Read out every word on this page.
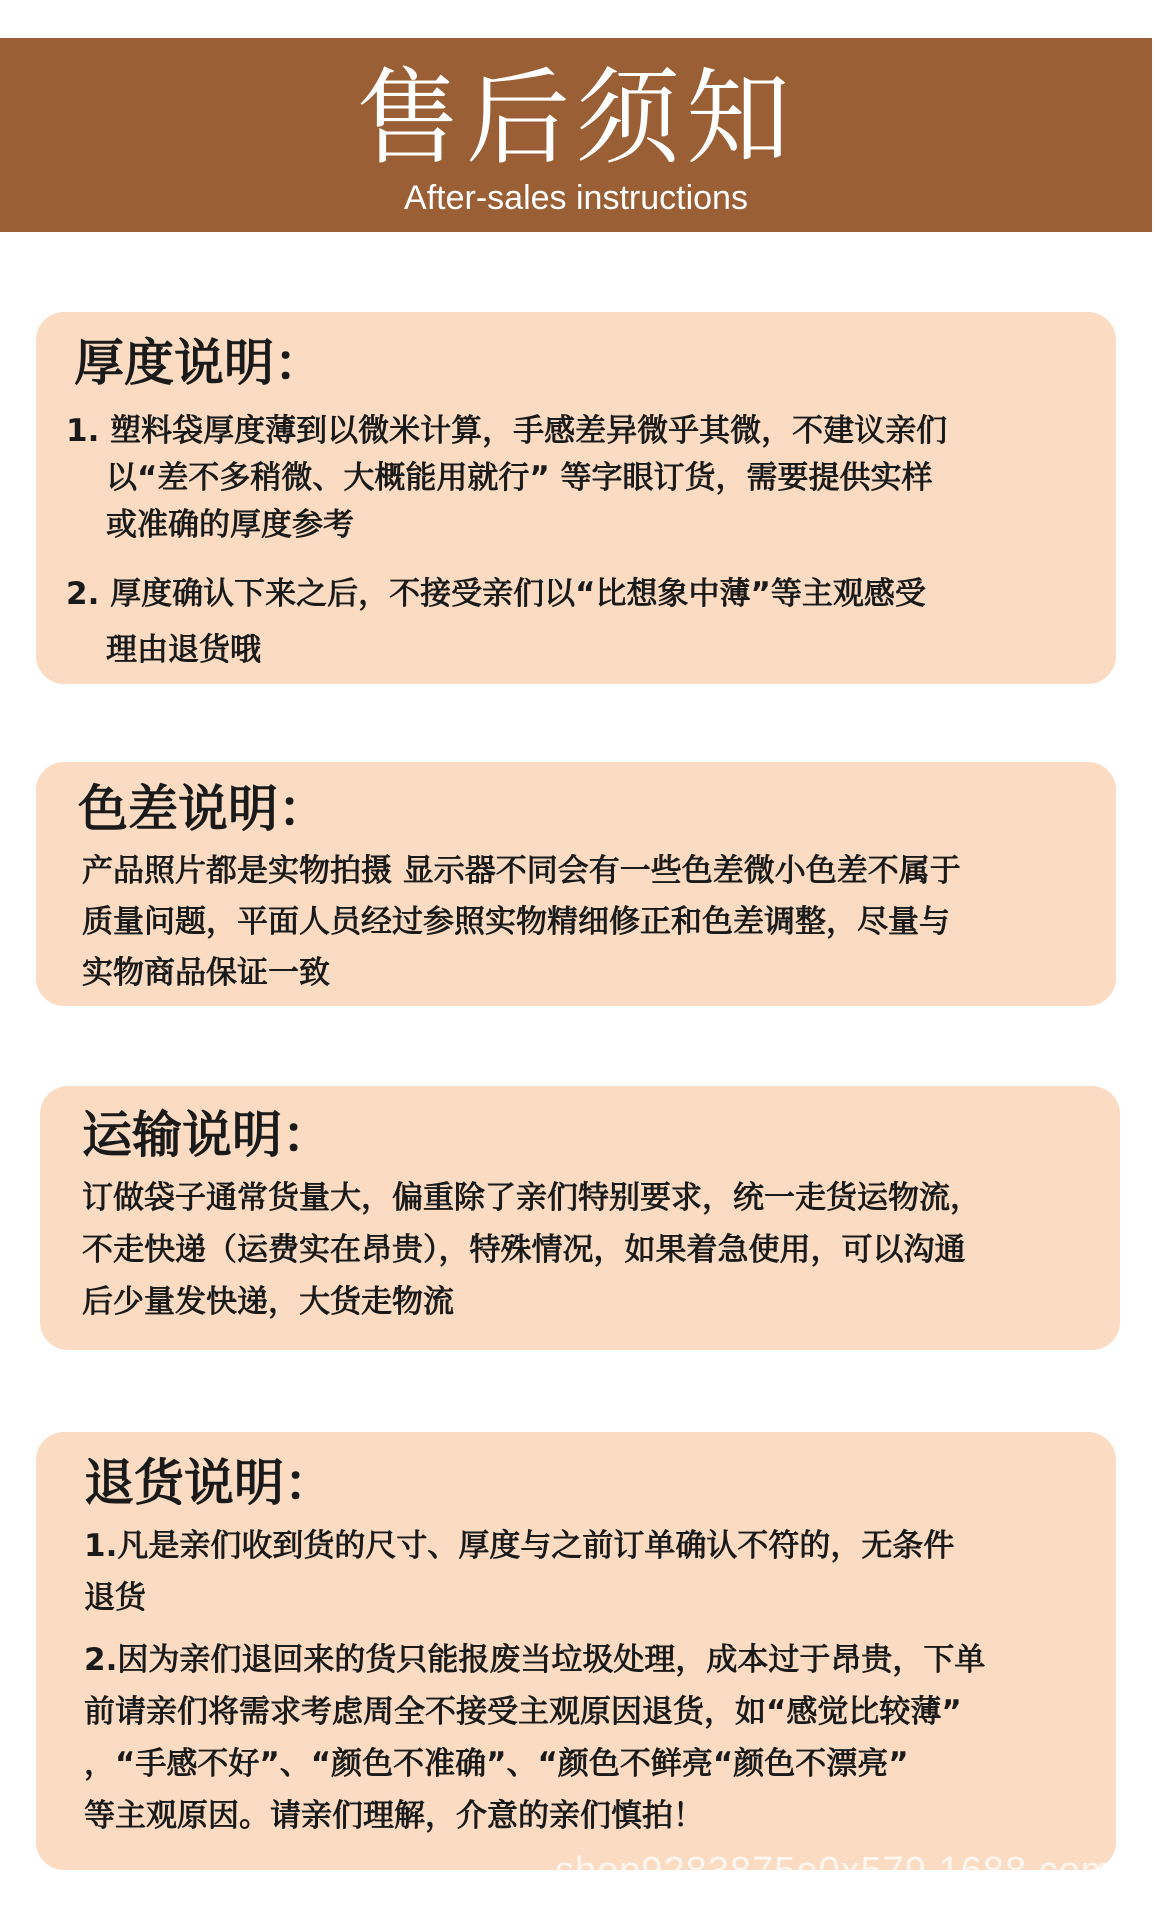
售后须知
After-sales instructions
厚度说明：
1. 塑料袋厚度薄到以微米计算，手感差异微乎其微，不建议亲们
以“差不多稍微、大概能用就行” 等字眼订货，需要提供实样
或准确的厚度参考
2. 厚度确认下来之后，不接受亲们以“比想象中薄”等主观感受
理由退货哦
色差说明：
产品照片都是实物拍摄 显示器不同会有一些色差微小色差不属于
质量问题，平面人员经过参照实物精细修正和色差调整，尽量与
实物商品保证一致
运输说明：
订做袋子通常货量大，偏重除了亲们特别要求，统一走货运物流，
不走快递（运费实在昂贵），特殊情况，如果着急使用，可以沟通
后少量发快递，大货走物流
退货说明：
1.凡是亲们收到货的尺寸、厚度与之前订单确认不符的，无条件
退货
2.因为亲们退回来的货只能报废当垃圾处理，成本过于昂贵，下单
前请亲们将需求考虑周全不接受主观原因退货，如“感觉比较薄”
，“手感不好”、“颜色不准确”、“颜色不鲜亮“颜色不漂亮”
等主观原因。请亲们理解，介意的亲们慎拍！
shop9283875e0x579.1688.com
